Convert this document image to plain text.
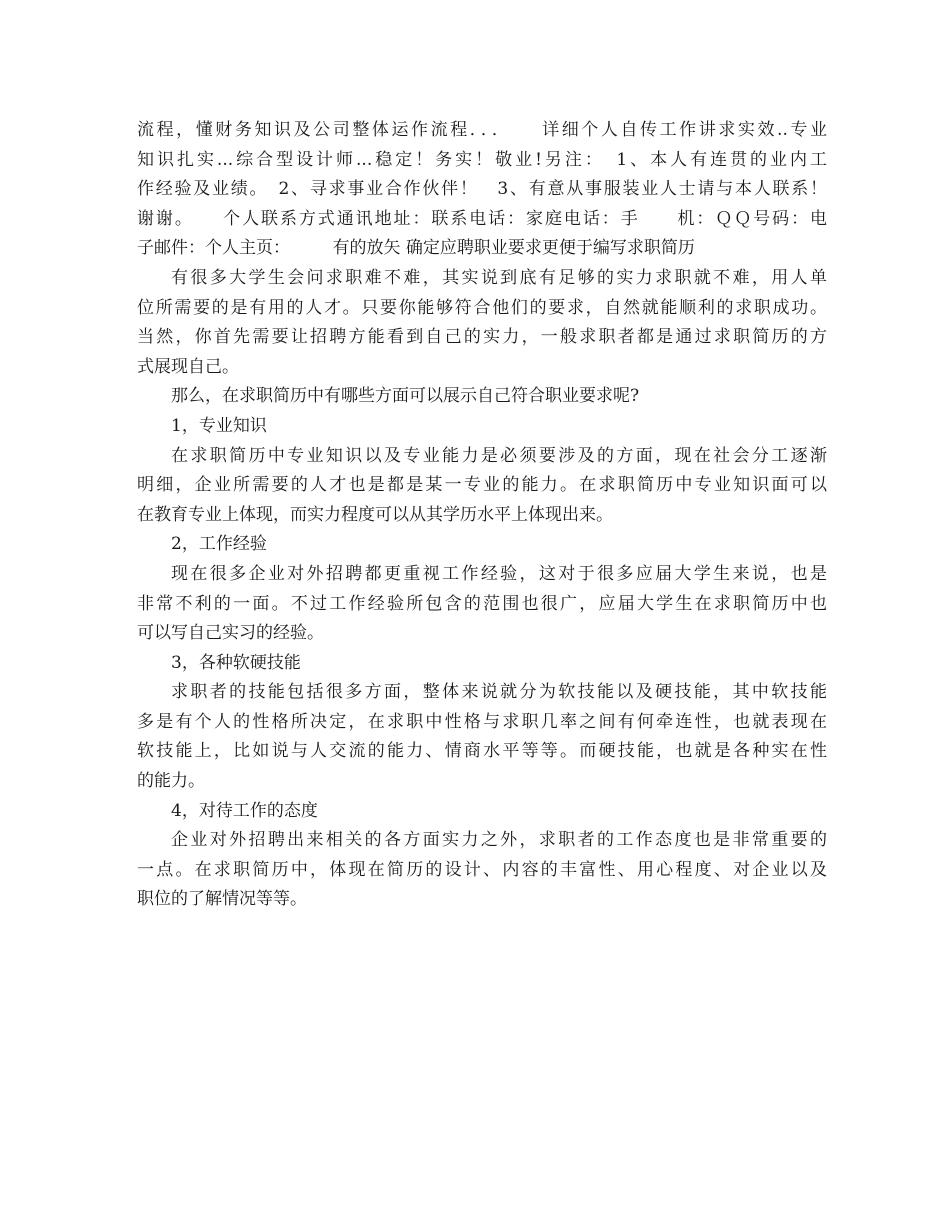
流程，懂财务知识及公司整体运作流程．．．　　详细个人自传工作讲求实效..专业
知识扎实...综合型设计师...稳定！务实！敬业!另注：　1、本人有连贯的业内工
作经验及业绩。　2、寻求事业合作伙伴！　3、有意从事服装业人士请与本人联系！
谢谢。　　个人联系方式通讯地址：联系电话：家庭电话：手　　机：ＱＱ号码：电
子邮件：个人主页：　　　有的放矢 确定应聘职业要求更便于编写求职简历
有很多大学生会问求职难不难，其实说到底有足够的实力求职就不难，用人单
位所需要的是有用的人才。只要你能够符合他们的要求，自然就能顺利的求职成功。
当然，你首先需要让招聘方能看到自己的实力，一般求职者都是通过求职简历的方
式展现自己。
那么，在求职简历中有哪些方面可以展示自己符合职业要求呢?
1，专业知识
在求职简历中专业知识以及专业能力是必须要涉及的方面，现在社会分工逐渐
明细，企业所需要的人才也是都是某一专业的能力。在求职简历中专业知识面可以
在教育专业上体现，而实力程度可以从其学历水平上体现出来。
2，工作经验
现在很多企业对外招聘都更重视工作经验，这对于很多应届大学生来说，也是
非常不利的一面。不过工作经验所包含的范围也很广，应届大学生在求职简历中也
可以写自己实习的经验。
3，各种软硬技能
求职者的技能包括很多方面，整体来说就分为软技能以及硬技能，其中软技能
多是有个人的性格所决定，在求职中性格与求职几率之间有何牵连性，也就表现在
软技能上，比如说与人交流的能力、情商水平等等。而硬技能，也就是各种实在性
的能力。
4，对待工作的态度
企业对外招聘出来相关的各方面实力之外，求职者的工作态度也是非常重要的
一点。在求职简历中，体现在简历的设计、内容的丰富性、用心程度、对企业以及
职位的了解情况等等。
